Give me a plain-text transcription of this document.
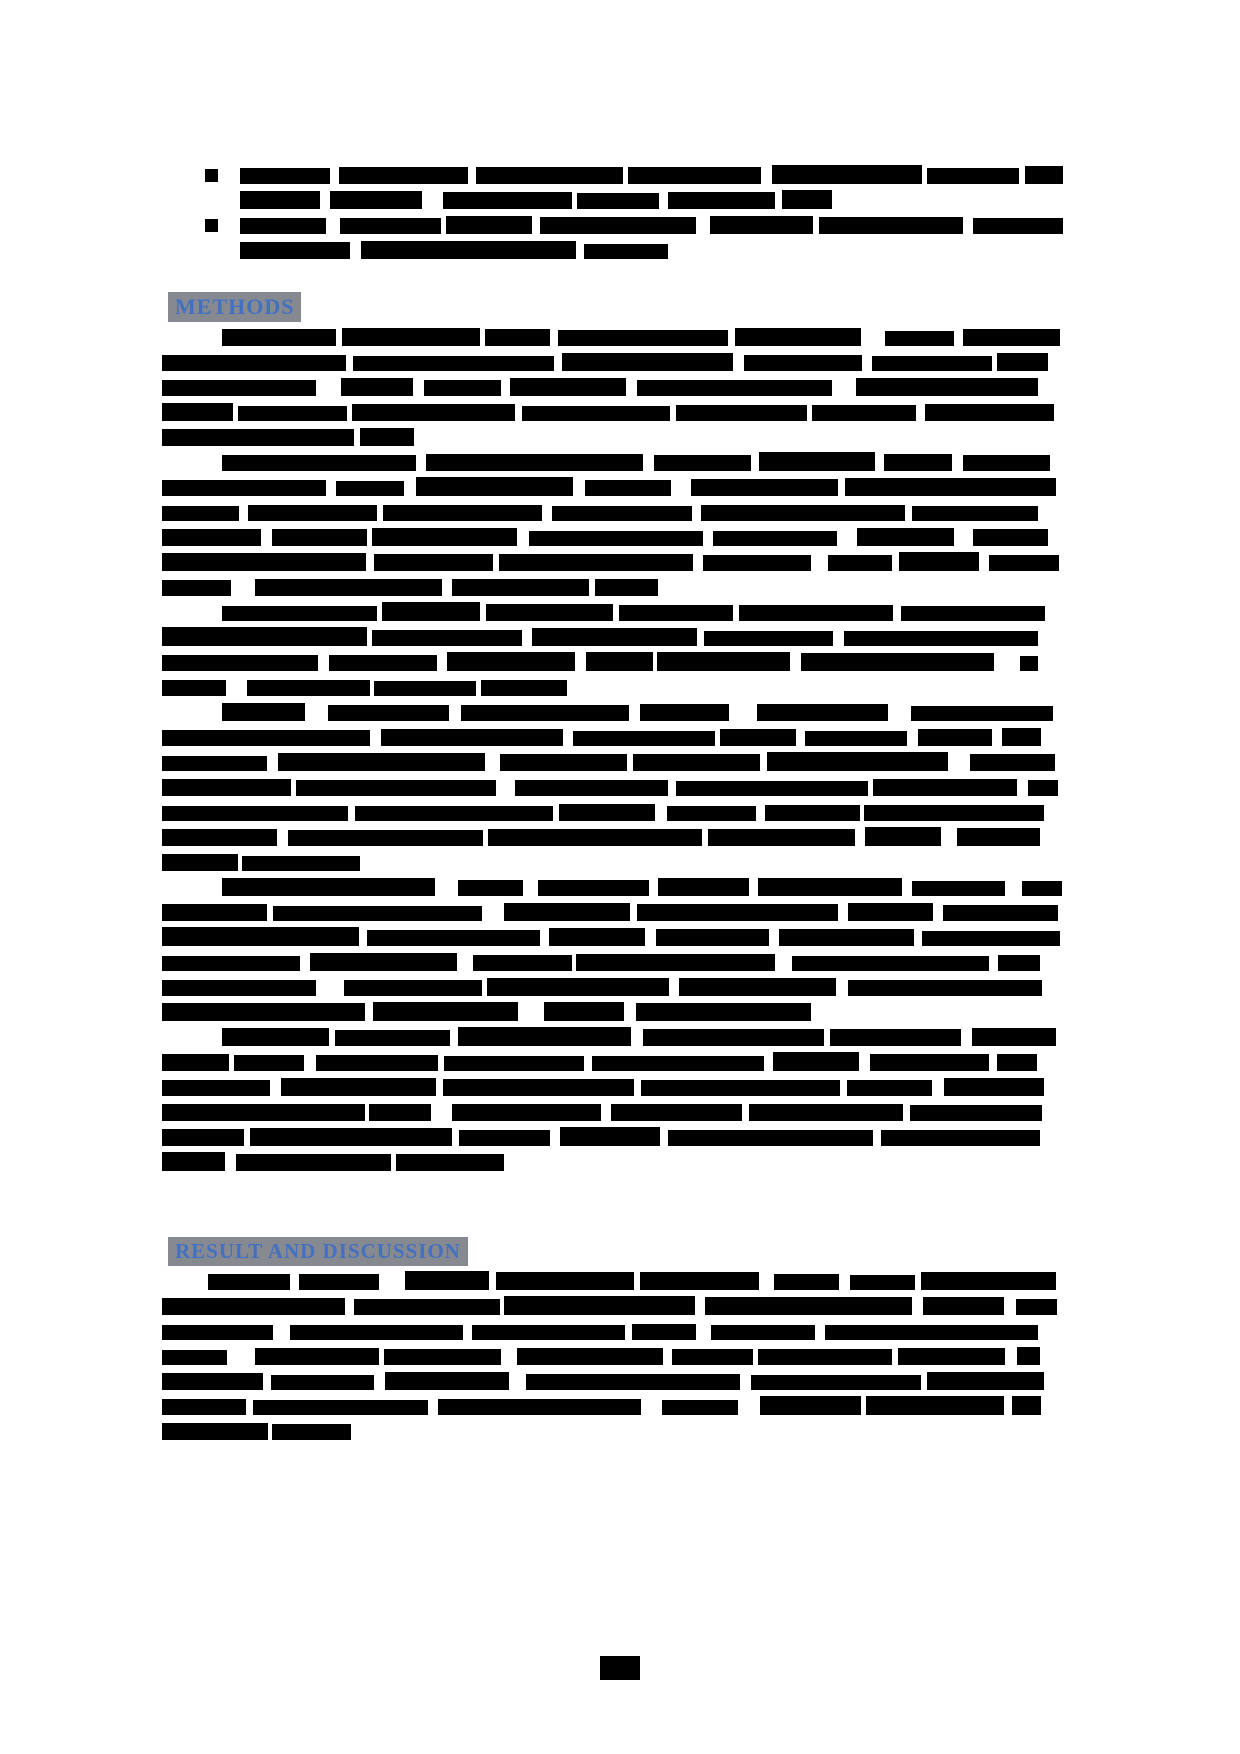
METHODS
RESULT AND DISCUSSION
